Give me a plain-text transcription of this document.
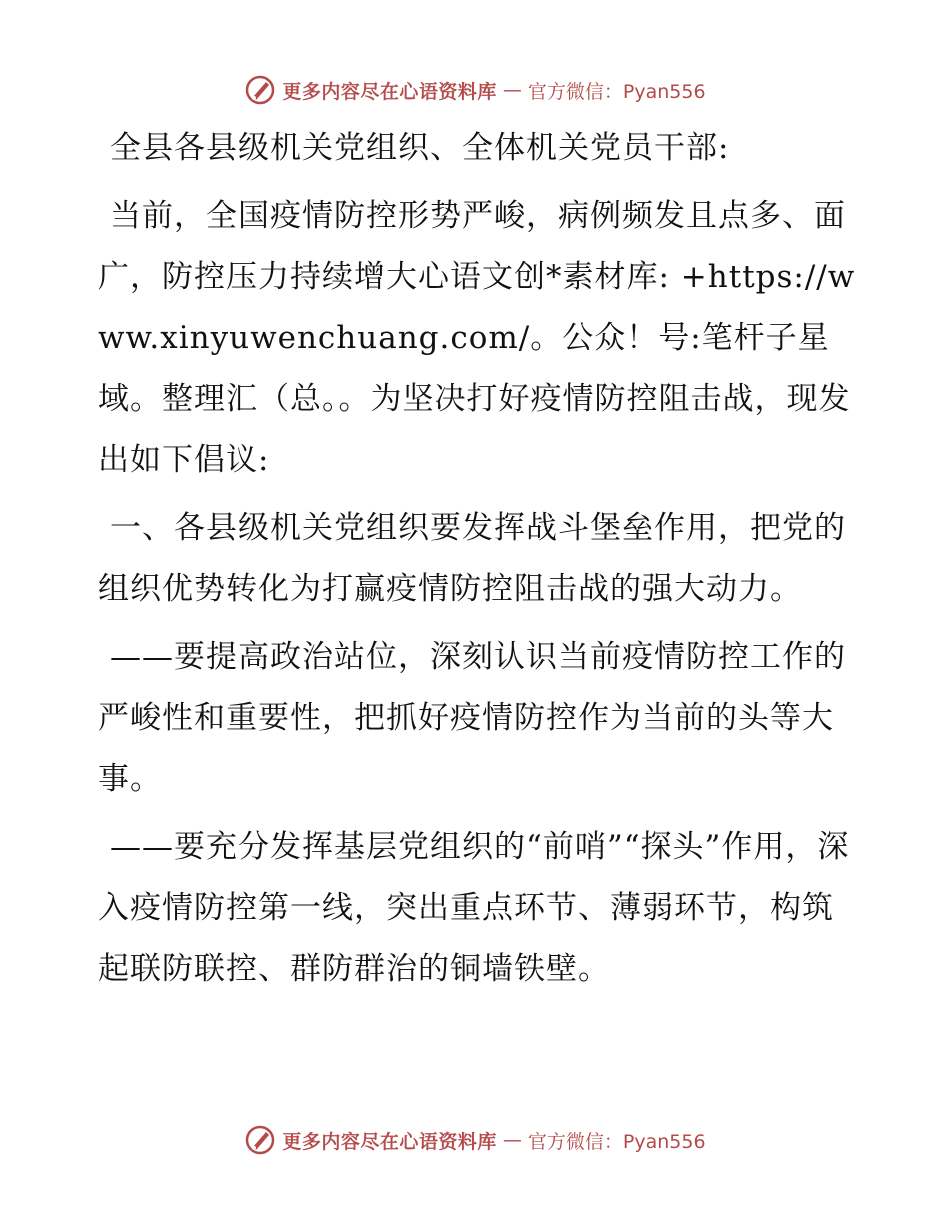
更多内容尽在心语资料库 — 官方微信：Pyan556

全县各县级机关党组织、全体机关党员干部:

当前，全国疫情防控形势严峻，病例频发且点多、面广，防控压力持续增大心语文创*素材库: +https://www.xinyuwenchuang.com/。公众！号:笔杆子星域。整理汇（总。。为坚决打好疫情防控阻击战，现发出如下倡议:

一、各县级机关党组织要发挥战斗堡垒作用，把党的组织优势转化为打赢疫情防控阻击战的强大动力。

——要提高政治站位，深刻认识当前疫情防控工作的严峻性和重要性，把抓好疫情防控作为当前的头等大事。

——要充分发挥基层党组织的“前哨”“探头”作用，深入疫情防控第一线，突出重点环节、薄弱环节，构筑起联防联控、群防群治的铜墙铁壁。

更多内容尽在心语资料库 — 官方微信：Pyan556
